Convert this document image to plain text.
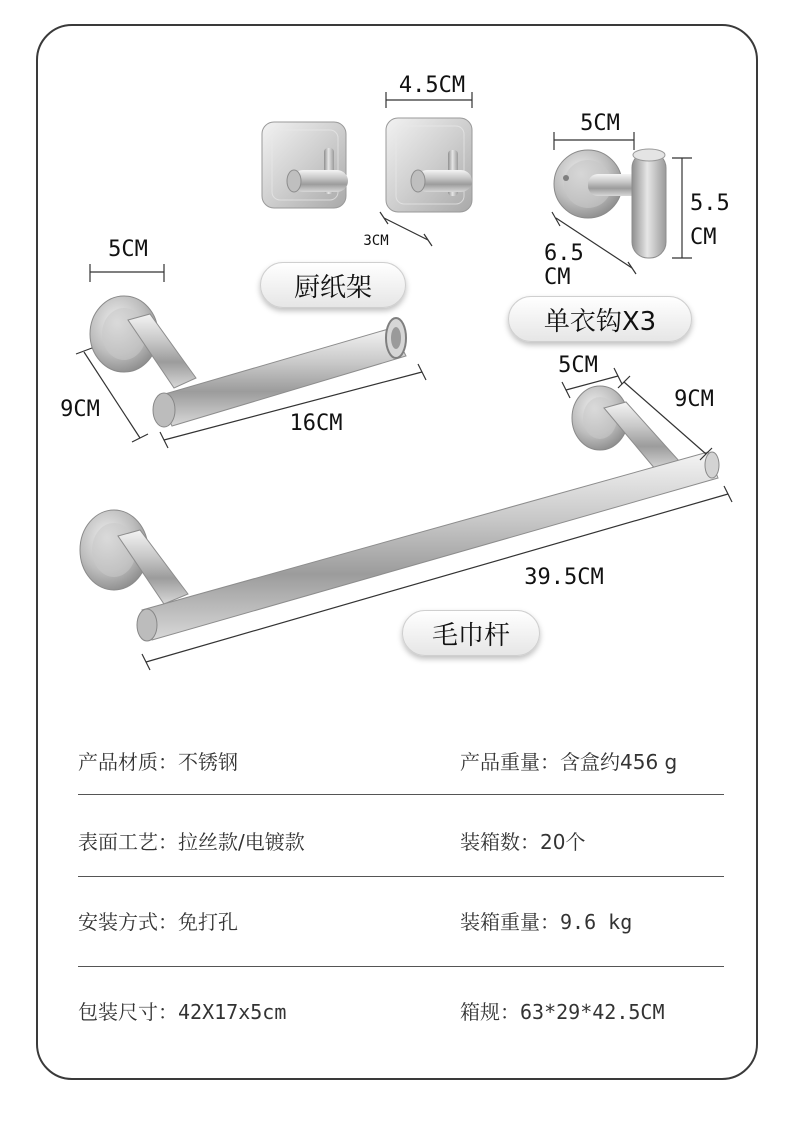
4.5CM
3CM
5CM
5.5
CM
6.5
CM
5CM
9CM
16CM
5CM
9CM
39.5CM
厨纸架
单衣钩X3
毛巾杆
产品材质：不锈钢	产品重量：含盒约456 g
表面工艺：拉丝款/电镀款	装箱数：20个
安装方式：免打孔	装箱重量：9.6 kg
包装尺寸：42X17x5cm	箱规：63*29*42.5CM
